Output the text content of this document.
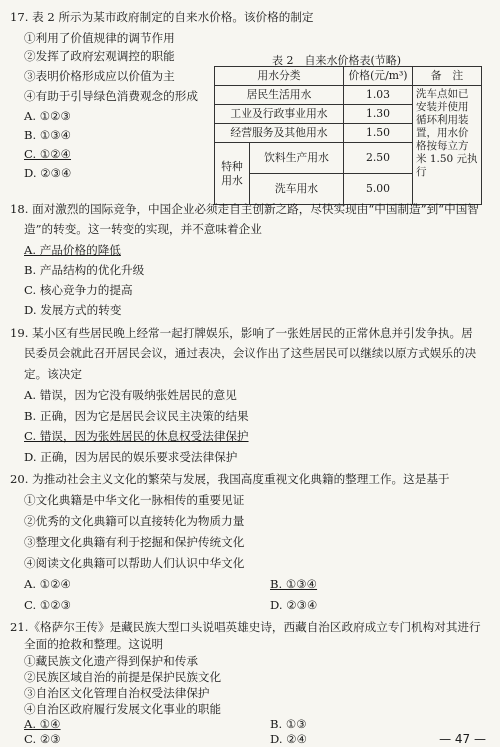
17. 表 2 所示为某市政府制定的自来水价格。该价格的制定
①利用了价值规律的调节作用
②发挥了政府宏观调控的职能
③表明价格形成应以价值为主
④有助于引导绿色消费观念的形成
A. ①②③
B. ①③④
C. ①②④
D. ②③④
表 2　自来水价格表(节略)
用水分类		价格(元/m³)	备　注
居民生活用水		1.03	洗车点如已安装并使用循环利用装置，用水价格按每立方米 1.50 元执行
工业及行政事业用水		1.30	
经营服务及其他用水		1.50	
特种用水	饮料生产用水	2.50	
	洗车用水	5.00	
18. 面对激烈的国际竞争，中国企业必须走自主创新之路，尽快实现由“中国制造”到“中国智
造”的转变。这一转变的实现，并不意味着企业
A. 产品价格的降低
B. 产品结构的优化升级
C. 核心竞争力的提高
D. 发展方式的转变
19. 某小区有些居民晚上经常一起打牌娱乐，影响了一张姓居民的正常休息并引发争执。居
民委员会就此召开居民会议，通过表决，会议作出了这些居民可以继续以原方式娱乐的决
定。该决定
A. 错误，因为它没有吸纳张姓居民的意见
B. 正确，因为它是居民会议民主决策的结果
C. 错误，因为张姓居民的休息权受法律保护
D. 正确，因为居民的娱乐要求受法律保护
20. 为推动社会主义文化的繁荣与发展，我国高度重视文化典籍的整理工作。这是基于
①文化典籍是中华文化一脉相传的重要见证
②优秀的文化典籍可以直接转化为物质力量
③整理文化典籍有利于挖掘和保护传统文化
④阅读文化典籍可以帮助人们认识中华文化
A. ①②④	B. ①③④
C. ①②③	D. ②③④
21.《格萨尔王传》是藏民族大型口头说唱英雄史诗，西藏自治区政府成立专门机构对其进行
全面的抢救和整理。这说明
①藏民族文化遗产得到保护和传承
②民族区域自治的前提是保护民族文化
③自治区文化管理自治权受法律保护
④自治区政府履行发展文化事业的职能
— 47 —
A. ①④	B. ①③
C. ②③	D. ②④
